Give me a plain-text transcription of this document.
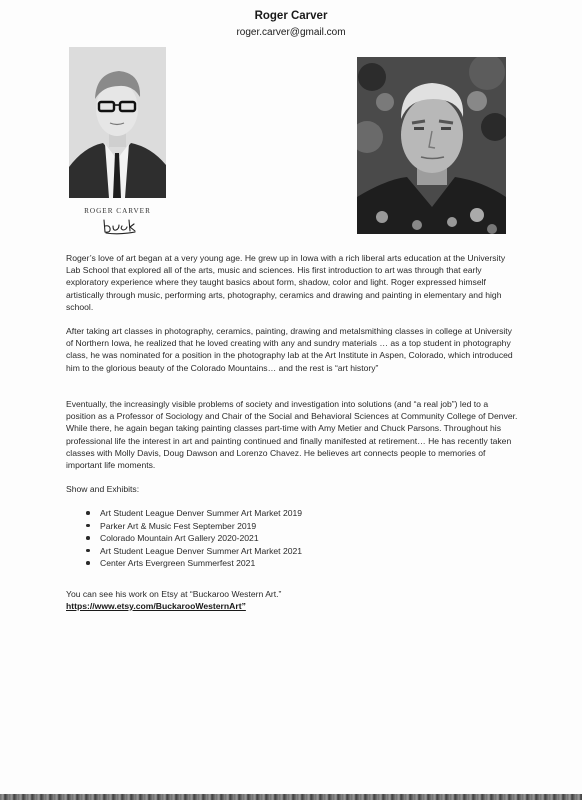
Roger Carver
roger.carver@gmail.com
ROGER CARVER

Roger’s love of art began at a very young age. He grew up in Iowa with a rich liberal arts education at the University Lab School that explored all of the arts, music and sciences. His first introduction to art was through that early exploratory experience where they taught basics about form, shadow, color and light. Roger expressed himself artistically through music, performing arts, photography, ceramics and drawing and painting in elementary and high school.

After taking art classes in photography, ceramics, painting, drawing and metalsmithing classes in college at University of Northern Iowa, he realized that he loved creating with any and sundry materials … as a top student in photography class, he was nominated for a position in the photography lab at the Art Institute in Aspen, Colorado, which introduced him to the glorious beauty of the Colorado Mountains… and the rest is “art history”

Eventually, the increasingly visible problems of society and investigation into solutions (and “a real job”) led to a position as a Professor of Sociology and Chair of the Social and Behavioral Sciences at Community College of Denver. While there, he again began taking painting classes part-time with Amy Metier and Chuck Parsons. Throughout his professional life the interest in art and painting continued and finally manifested at retirement… He has recently taken classes with Molly Davis, Doug Dawson and Lorenzo Chavez. He believes art connects people to memories of important life moments.

Show and Exhibits:
Art Student League Denver Summer Art Market 2019
Parker Art & Music Fest September 2019
Colorado Mountain Art Gallery 2020-2021
Art Student League Denver Summer Art Market 2021
Center Arts Evergreen Summerfest 2021
You can see his work on Etsy at “Buckaroo Western Art.”
https://www.etsy.com/BuckarooWesternArt”
